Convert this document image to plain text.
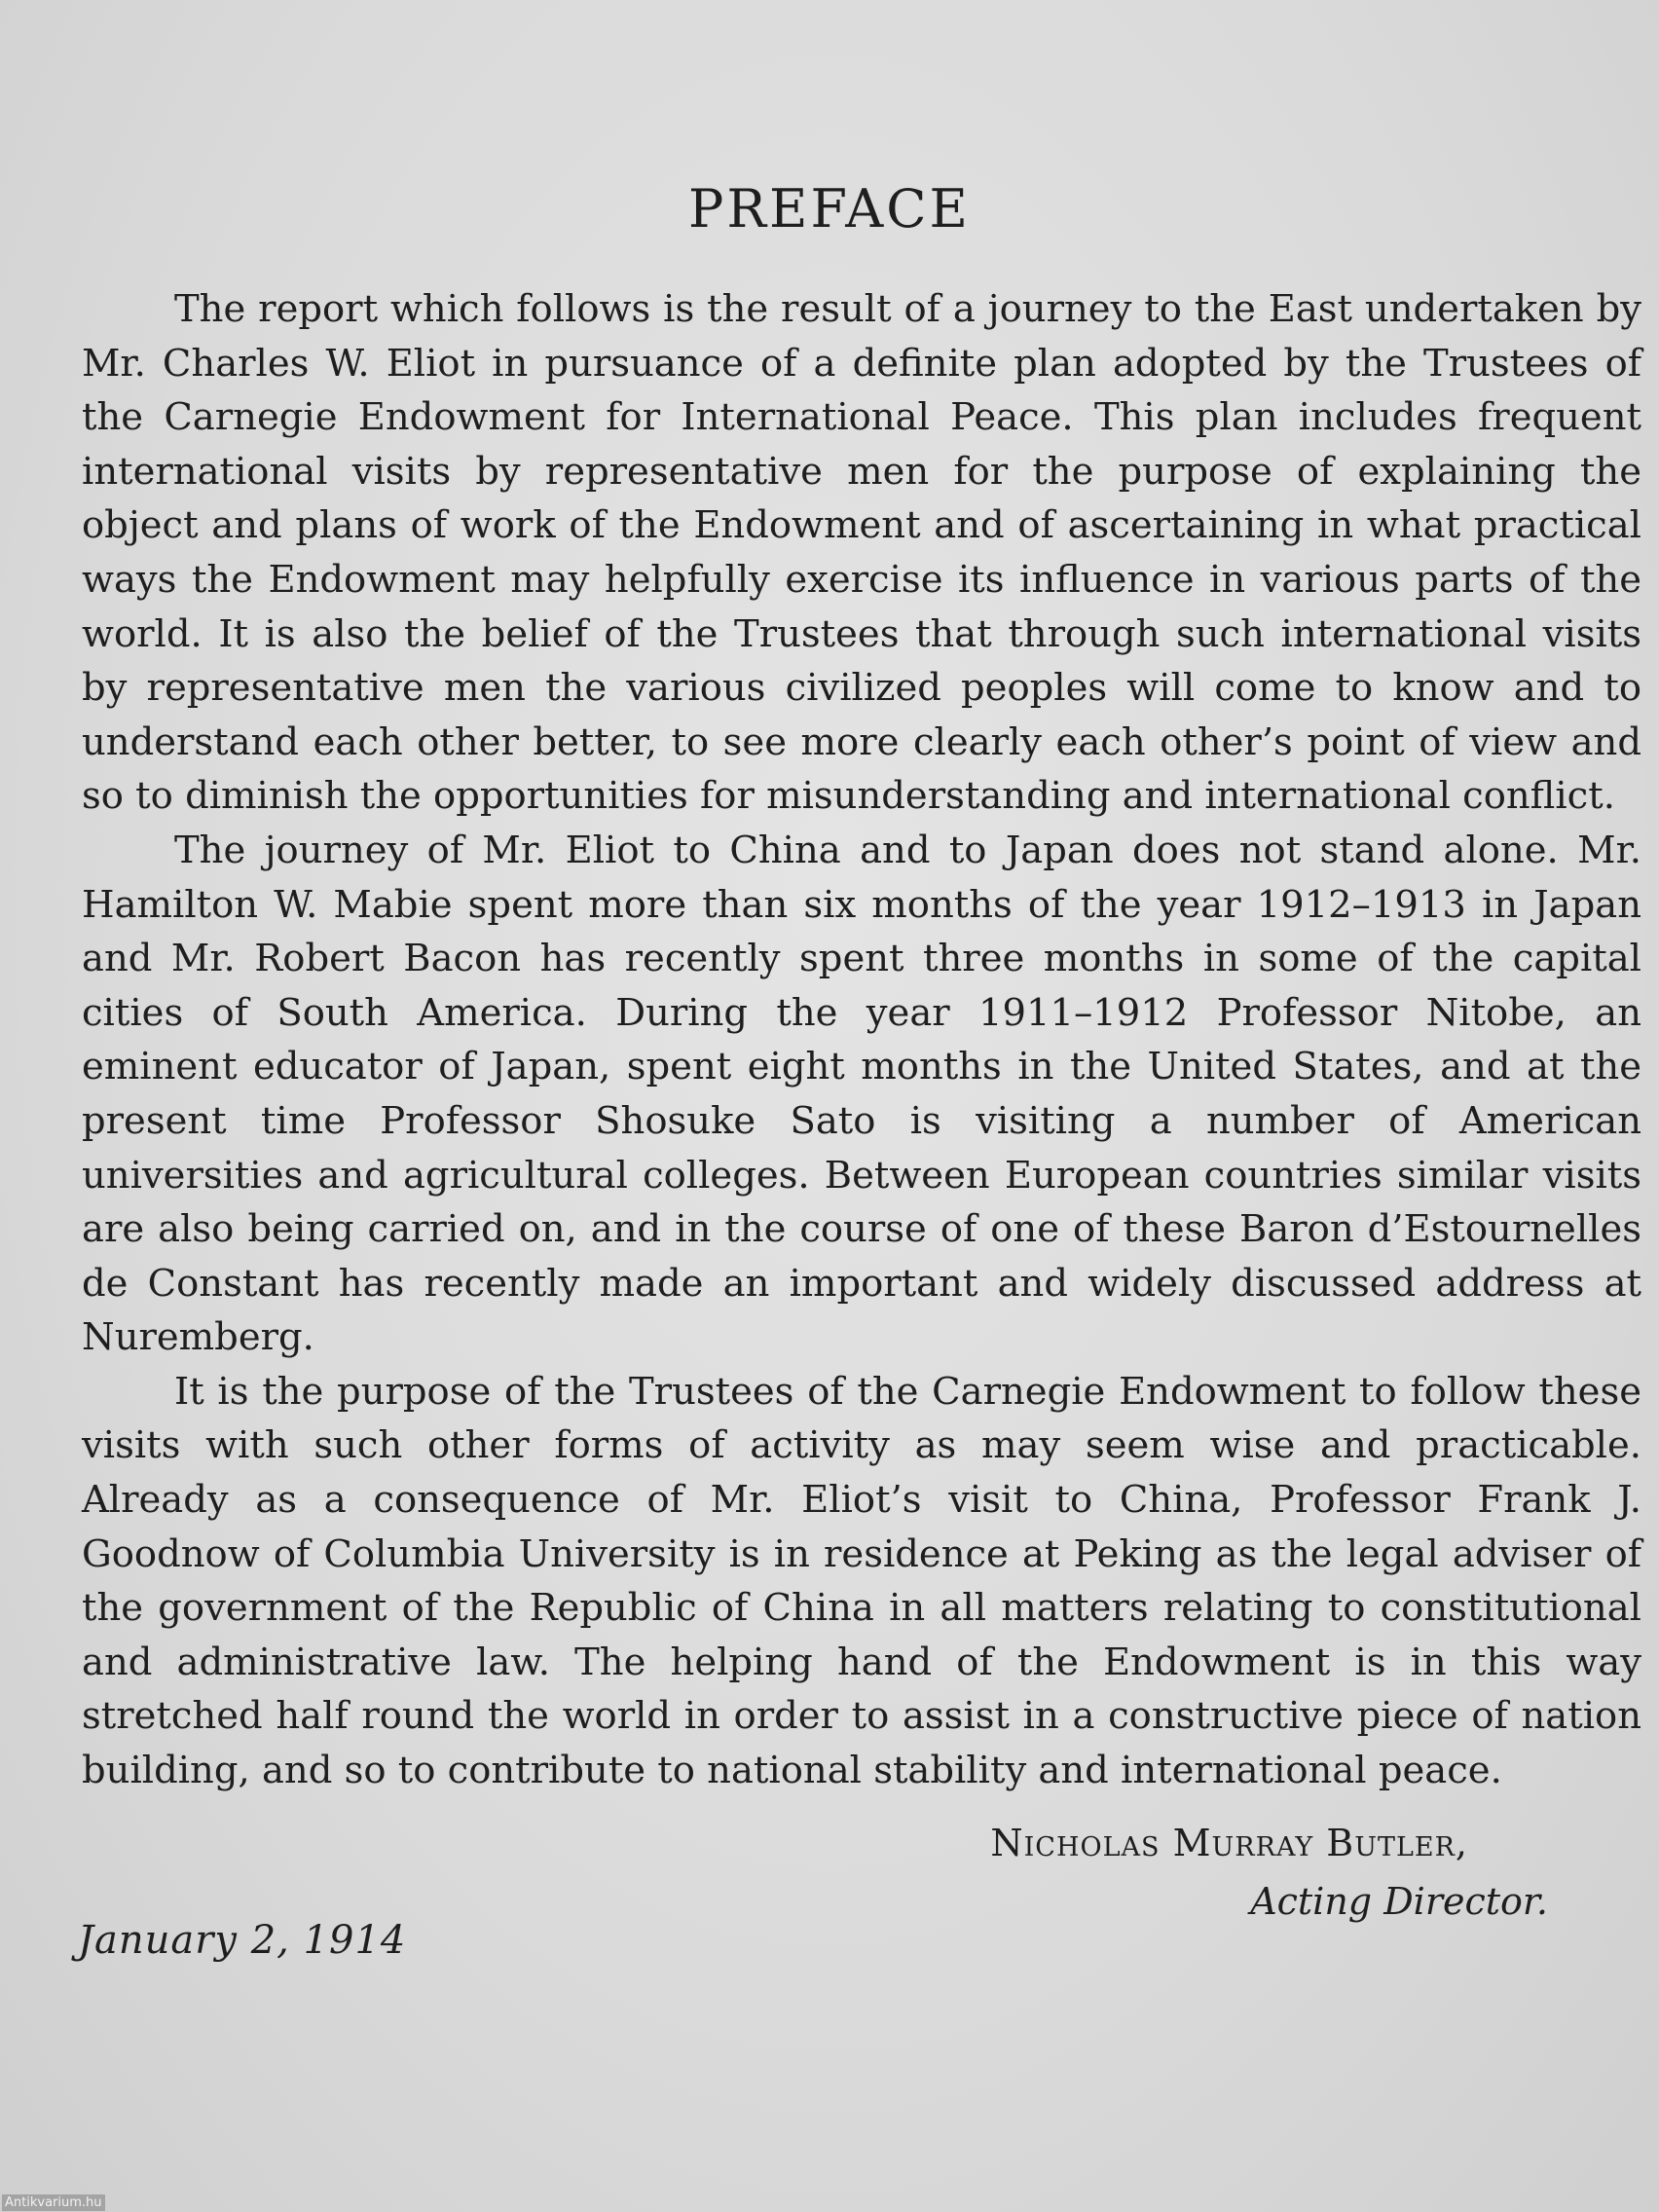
PREFACE

The report which follows is the result of a journey to the East undertaken by Mr. Charles W. Eliot in pursuance of a definite plan adopted by the Trustees of the Carnegie Endowment for International Peace. This plan includes frequent international visits by representative men for the purpose of explaining the object and plans of work of the Endowment and of ascertaining in what practical ways the Endowment may helpfully exercise its influence in various parts of the world. It is also the belief of the Trustees that through such international visits by representative men the various civilized peoples will come to know and to understand each other better, to see more clearly each other’s point of view and so to diminish the opportunities for misunderstanding and international conflict.

The journey of Mr. Eliot to China and to Japan does not stand alone. Mr. Hamilton W. Mabie spent more than six months of the year 1912–1913 in Japan and Mr. Robert Bacon has recently spent three months in some of the capital cities of South America. During the year 1911–1912 Professor Nitobe, an eminent educator of Japan, spent eight months in the United States, and at the present time Professor Shosuke Sato is visiting a number of American universities and agricultural colleges. Between European countries similar visits are also being carried on, and in the course of one of these Baron d’Estournelles de Constant has recently made an important and widely discussed address at Nuremberg.

It is the purpose of the Trustees of the Carnegie Endowment to follow these visits with such other forms of activity as may seem wise and practicable. Already as a consequence of Mr. Eliot’s visit to China, Professor Frank J. Goodnow of Columbia University is in residence at Peking as the legal adviser of the government of the Republic of China in all matters relating to constitutional and administrative law. The helping hand of the Endowment is in this way stretched half round the world in order to assist in a constructive piece of nation building, and so to contribute to national stability and international peace.

Nicholas Murray Butler,
Acting Director.
January 2, 1914
Antikvarium.hu
